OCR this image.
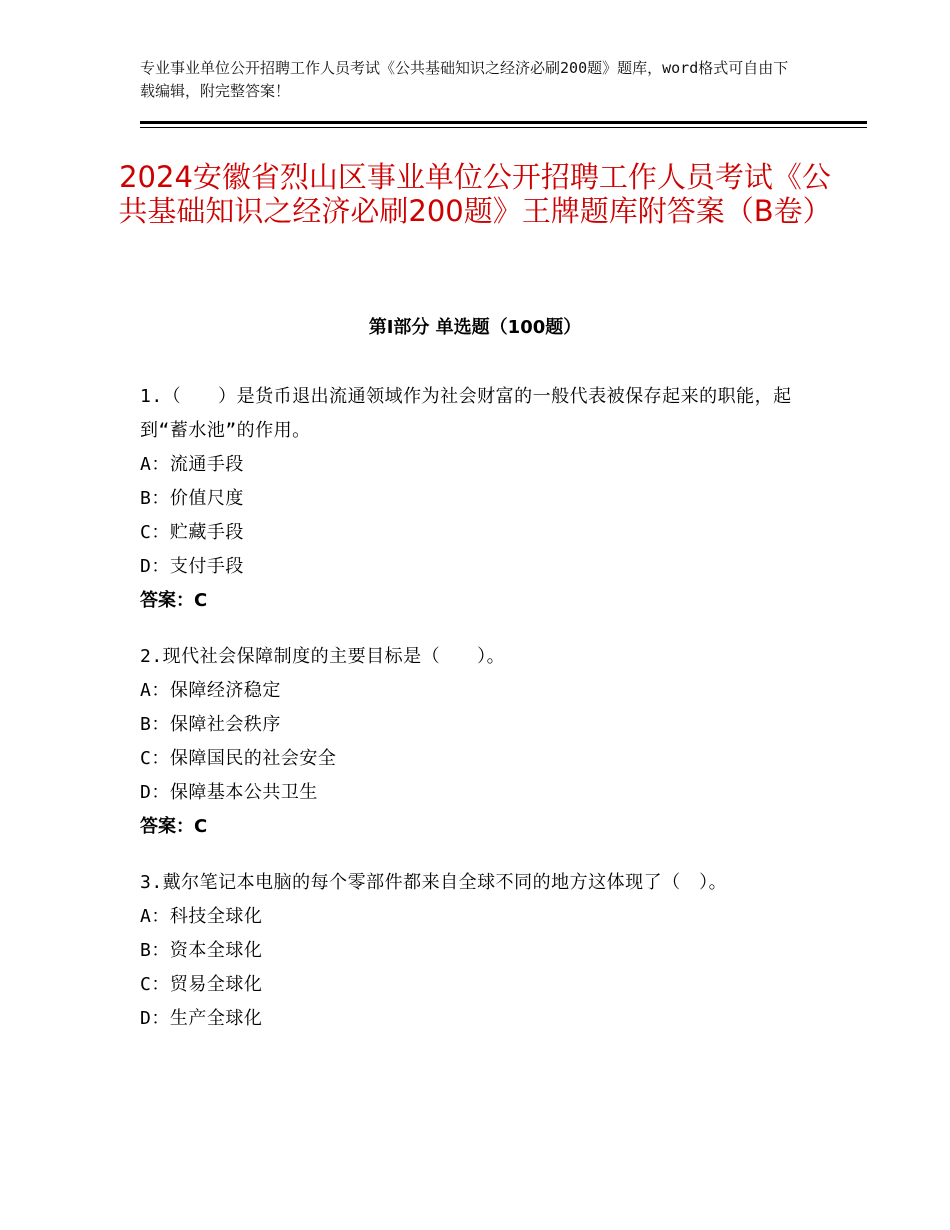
专业事业单位公开招聘工作人员考试《公共基础知识之经济必刷200题》题库，word格式可自由下载编辑，附完整答案！
2024安徽省烈山区事业单位公开招聘工作人员考试《公共基础知识之经济必刷200题》王牌题库附答案（B卷）
第Ⅰ部分 单选题（100题）

1.（　　）是货币退出流通领域作为社会财富的一般代表被保存起来的职能，起到“蓄水池”的作用。

A：流通手段

B：价值尺度

C：贮藏手段

D：支付手段

答案：C

2.现代社会保障制度的主要目标是（　　）。

A：保障经济稳定

B：保障社会秩序

C：保障国民的社会安全

D：保障基本公共卫生

答案：C

3.戴尔笔记本电脑的每个零部件都来自全球不同的地方这体现了（　）。

A：科技全球化

B：资本全球化

C：贸易全球化

D：生产全球化
